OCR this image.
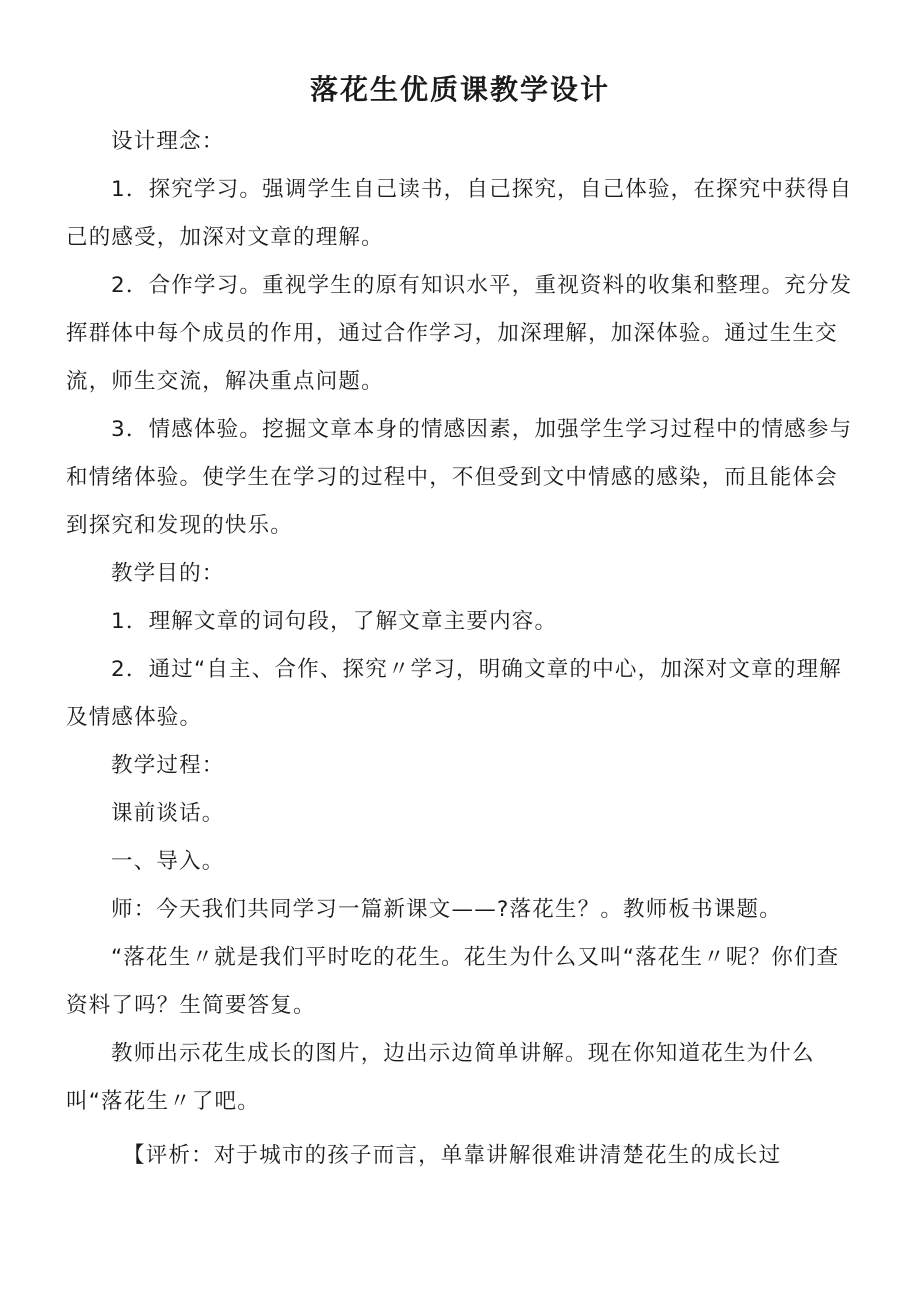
落花生优质课教学设计
设计理念：
1．探究学习。强调学生自己读书，自己探究，自己体验，在探究中获得自己的感受，加深对文章的理解。
2．合作学习。重视学生的原有知识水平，重视资料的收集和整理。充分发挥群体中每个成员的作用，通过合作学习，加深理解，加深体验。通过生生交流，师生交流，解决重点问题。
3．情感体验。挖掘文章本身的情感因素，加强学生学习过程中的情感参与和情绪体验。使学生在学习的过程中，不但受到文中情感的感染，而且能体会到探究和发现的快乐。
教学目的：
1．理解文章的词句段，了解文章主要内容。
2．通过“自主、合作、探究〃学习，明确文章的中心，加深对文章的理解及情感体验。
教学过程：
课前谈话。
一、导入。
师：今天我们共同学习一篇新课文——?落花生？。教师板书课题。
“落花生〃就是我们平时吃的花生。花生为什么又叫“落花生〃呢？你们查资料了吗？生简要答复。
教师出示花生成长的图片，边出示边简单讲解。现在你知道花生为什么叫“落花生〃了吧。
【评析：对于城市的孩子而言，单靠讲解很难讲清楚花生的成长过
